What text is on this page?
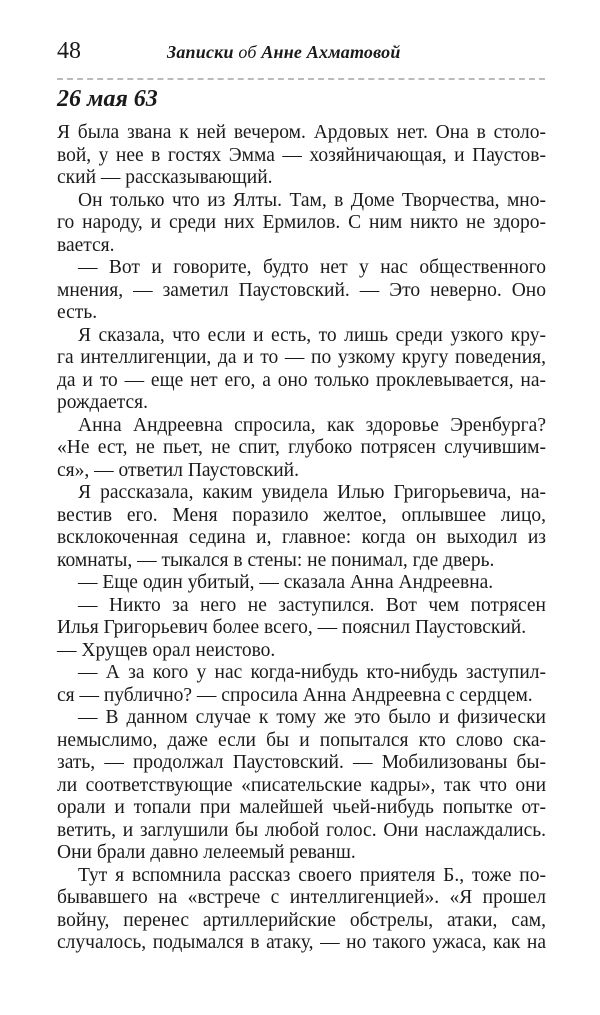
48	Записки об Анне Ахматовой
26 мая 63
Я была звана к ней вечером. Ардовых нет. Она в столо-
вой, у нее в гостях Эмма — хозяйничающая, и Паустов-
ский — рассказывающий.
Он только что из Ялты. Там, в Доме Творчества, мно-
го народу, и среди них Ермилов. С ним никто не здоро-
вается.
— Вот и говорите, будто нет у нас общественного
мнения, — заметил Паустовский. — Это неверно. Оно
есть.
Я сказала, что если и есть, то лишь среди узкого кру-
га интеллигенции, да и то — по узкому кругу поведения,
да и то — еще нет его, а оно только проклевывается, на-
рождается.
Анна Андреевна спросила, как здоровье Эренбурга?
«Не ест, не пьет, не спит, глубоко потрясен случившим-
ся», — ответил Паустовский.
Я рассказала, каким увидела Илью Григорьевича, на-
вестив его. Меня поразило желтое, оплывшее лицо,
всклокоченная седина и, главное: когда он выходил из
комнаты, — тыкался в стены: не понимал, где дверь.
— Еще один убитый, — сказала Анна Андреевна.
— Никто за него не заступился. Вот чем потрясен
Илья Григорьевич более всего, — пояснил Паустовский.
— Хрущев орал неистово.
— А за кого у нас когда-нибудь кто-нибудь заступил-
ся — публично? — спросила Анна Андреевна с сердцем.
— В данном случае к тому же это было и физически
немыслимо, даже если бы и попытался кто слово ска-
зать, — продолжал Паустовский. — Мобилизованы бы-
ли соответствующие «писательские кадры», так что они
орали и топали при малейшей чьей-нибудь попытке от-
ветить, и заглушили бы любой голос. Они наслаждались.
Они брали давно лелеемый реванш.
Тут я вспомнила рассказ своего приятеля Б., тоже по-
бывавшего на «встрече с интеллигенцией». «Я прошел
войну, перенес артиллерийские обстрелы, атаки, сам,
случалось, подымался в атаку, — но такого ужаса, как на
